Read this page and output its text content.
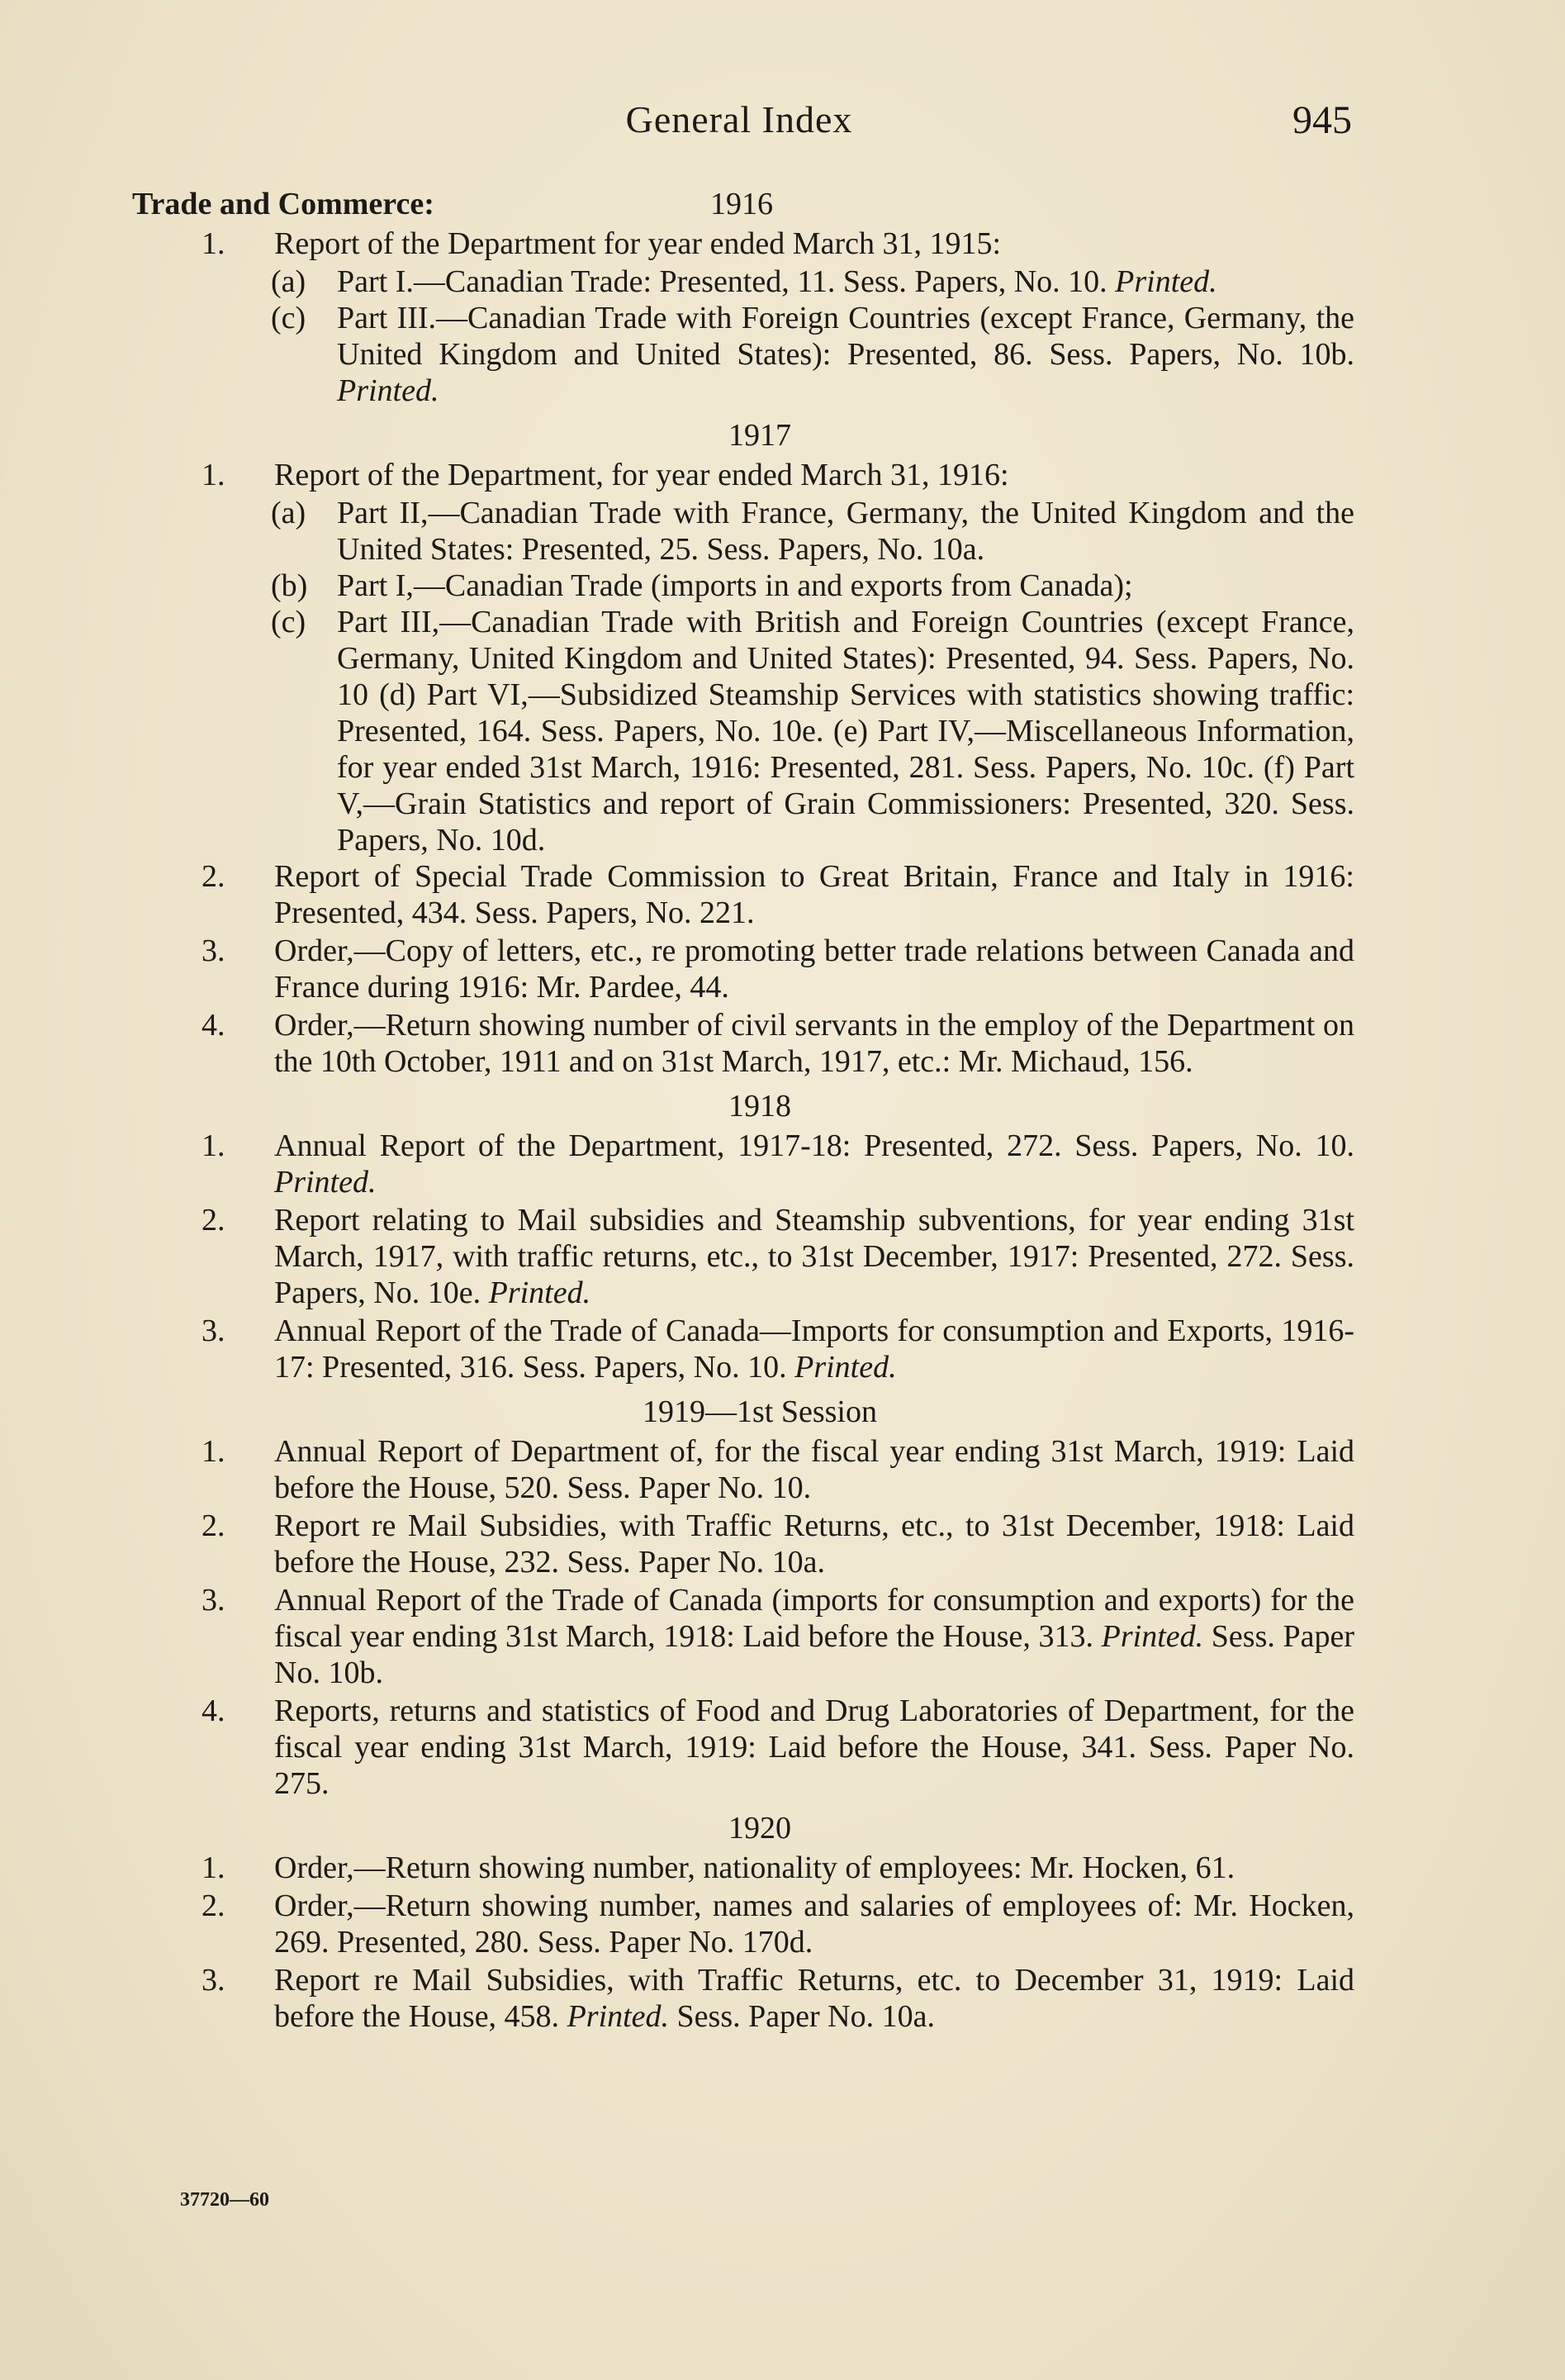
General Index	945
Trade and Commerce:	1916
1. Report of the Department for year ended March 31, 1915:
(a) Part I.—Canadian Trade: Presented, 11. Sess. Papers, No. 10. Printed.
(c) Part III.—Canadian Trade with Foreign Countries (except France, Germany, the United Kingdom and United States): Presented, 86. Sess. Papers, No. 10b. Printed.
1917
1. Report of the Department, for year ended March 31, 1916:
(a) Part II,—Canadian Trade with France, Germany, the United Kingdom and the United States: Presented, 25. Sess. Papers, No. 10a.
(b) Part I,—Canadian Trade (imports in and exports from Canada);
(c) Part III,—Canadian Trade with British and Foreign Countries (except France, Germany, United Kingdom and United States): Presented, 94. Sess. Papers, No. 10 (d) Part VI,—Subsidized Steamship Services with statistics showing traffic: Presented, 164. Sess. Papers, No. 10e. (e) Part IV,—Miscellaneous Information, for year ended 31st March, 1916: Presented, 281. Sess. Papers, No. 10c. (f) Part V,—Grain Statistics and report of Grain Commissioners: Presented, 320. Sess. Papers, No. 10d.
2. Report of Special Trade Commission to Great Britain, France and Italy in 1916: Presented, 434. Sess. Papers, No. 221.
3. Order,—Copy of letters, etc., re promoting better trade relations between Canada and France during 1916: Mr. Pardee, 44.
4. Order,—Return showing number of civil servants in the employ of the Department on the 10th October, 1911 and on 31st March, 1917, etc.: Mr. Michaud, 156.
1918
1. Annual Report of the Department, 1917-18: Presented, 272. Sess. Papers, No. 10. Printed.
2. Report relating to Mail subsidies and Steamship subventions, for year ending 31st March, 1917, with traffic returns, etc., to 31st December, 1917: Presented, 272. Sess. Papers, No. 10e. Printed.
3. Annual Report of the Trade of Canada—Imports for consumption and Exports, 1916-17: Presented, 316. Sess. Papers, No. 10. Printed.
1919—1st Session
1. Annual Report of Department of, for the fiscal year ending 31st March, 1919: Laid before the House, 520. Sess. Paper No. 10.
2. Report re Mail Subsidies, with Traffic Returns, etc., to 31st December, 1918: Laid before the House, 232. Sess. Paper No. 10a.
3. Annual Report of the Trade of Canada (imports for consumption and exports) for the fiscal year ending 31st March, 1918: Laid before the House, 313. Printed. Sess. Paper No. 10b.
4. Reports, returns and statistics of Food and Drug Laboratories of Department, for the fiscal year ending 31st March, 1919: Laid before the House, 341. Sess. Paper No. 275.
1920
1. Order,—Return showing number, nationality of employees: Mr. Hocken, 61.
2. Order,—Return showing number, names and salaries of employees of: Mr. Hocken, 269. Presented, 280. Sess. Paper No. 170d.
3. Report re Mail Subsidies, with Traffic Returns, etc. to December 31, 1919: Laid before the House, 458. Printed. Sess. Paper No. 10a.
37720—60
